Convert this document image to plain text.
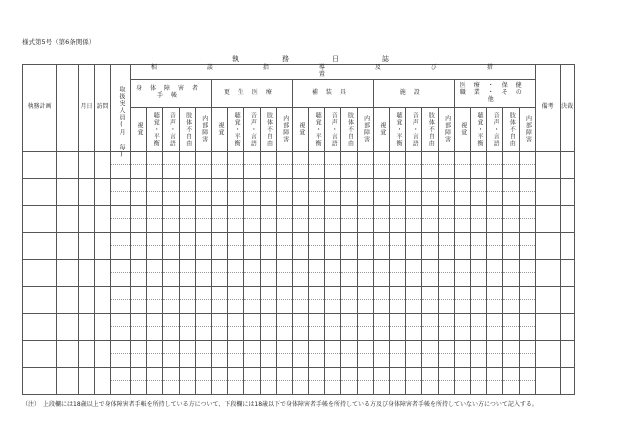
様式第5号（第6条関係）
執　務　日　誌
執務計画		月日	訪問	取扱実人員(月 毎)	相　談　指　導　及　び　措　置																									備考	決裁
					身体障害者手帳					更生医療					補装具					施設					医療・保健 職業・その他						

					視覚	聴覚・平衡	音声・言語	肢体不自由	内部障害	視覚	聴覚・平衡	音声・言語	肢体不自由	内部障害	視覚	聴覚・平衡	音声・言語	肢体不自由	内部障害	視覚	聴覚・平衡	音声・言語	肢体不自由	内部障害	視覚	聴覚・平衡	音声・言語	肢体不自由	内部障害		

（注）　上段欄には18歳以上で身体障害者手帳を所持している方について、下段欄には18歳以下で身体障害者手帳を所持している方及び身体障害者手帳を所持していない方について記入する。
